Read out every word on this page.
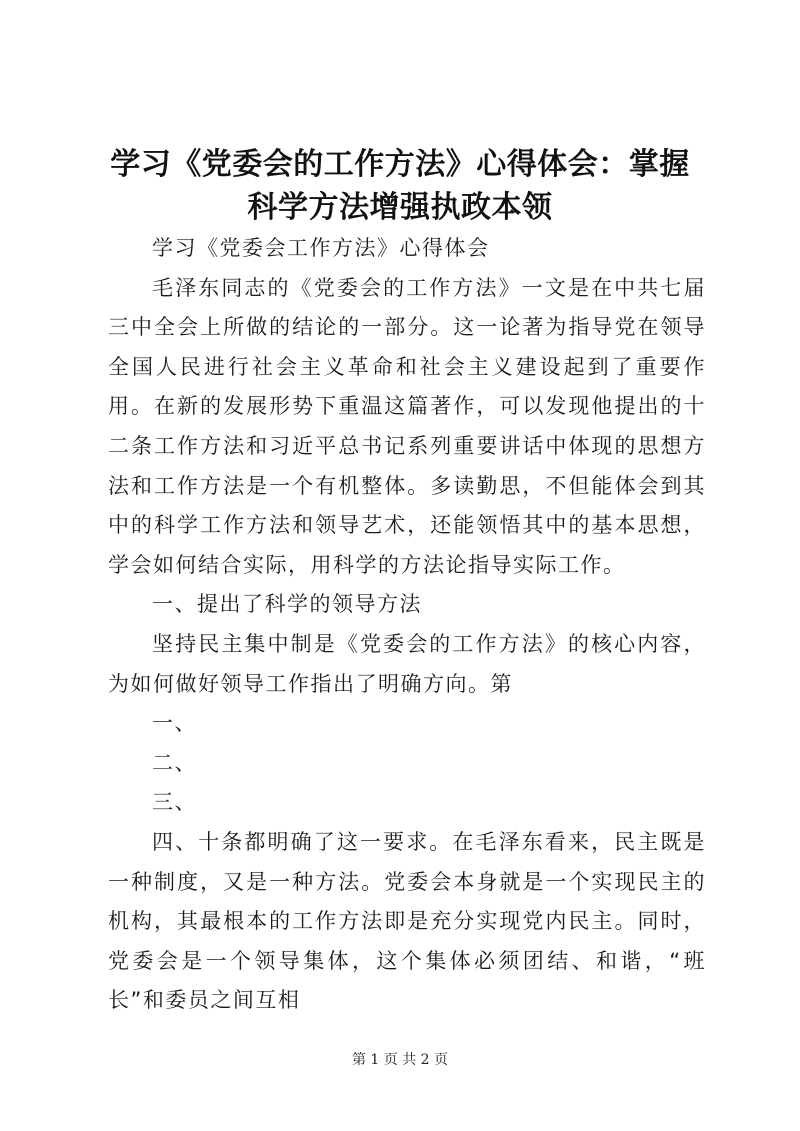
学习《党委会的工作方法》心得体会：掌握科学方法增强执政本领

学习《党委会工作方法》心得体会

毛泽东同志的《党委会的工作方法》一文是在中共七届三中全会上所做的结论的一部分。这一论著为指导党在领导全国人民进行社会主义革命和社会主义建设起到了重要作用。在新的发展形势下重温这篇著作，可以发现他提出的十二条工作方法和习近平总书记系列重要讲话中体现的思想方法和工作方法是一个有机整体。多读勤思，不但能体会到其中的科学工作方法和领导艺术，还能领悟其中的基本思想，学会如何结合实际，用科学的方法论指导实际工作。

一、提出了科学的领导方法

坚持民主集中制是《党委会的工作方法》的核心内容，为如何做好领导工作指出了明确方向。第

一、

二、

三、

四、十条都明确了这一要求。在毛泽东看来，民主既是一种制度，又是一种方法。党委会本身就是一个实现民主的机构，其最根本的工作方法即是充分实现党内民主。同时，党委会是一个领导集体，这个集体必须团结、和谐，“班长”和委员之间互相

第 1 页 共 2 页
